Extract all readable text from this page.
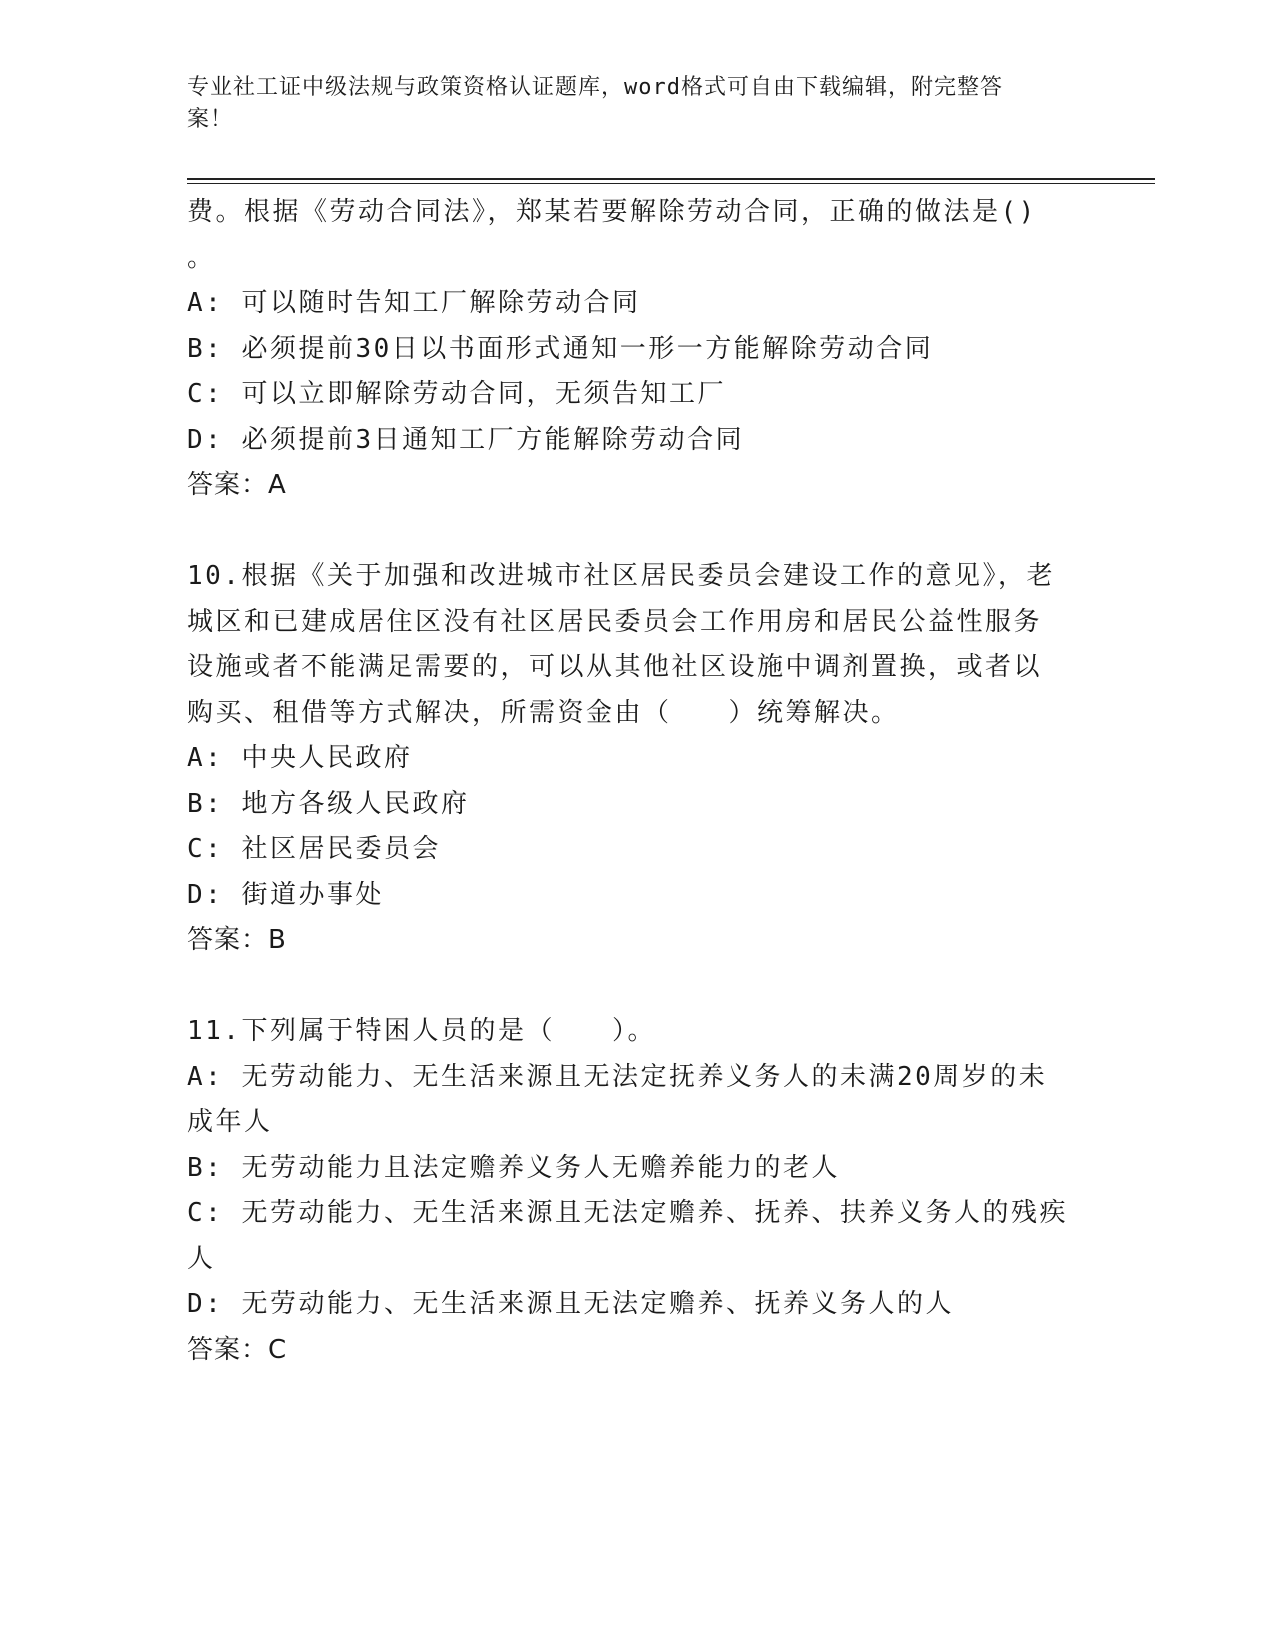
专业社工证中级法规与政策资格认证题库，word格式可自由下载编辑，附完整答

案！

费。根据《劳动合同法》，郑某若要解除劳动合同，正确的做法是()

。

A: 可以随时告知工厂解除劳动合同

B: 必须提前30日以书面形式通知一形一方能解除劳动合同

C: 可以立即解除劳动合同，无须告知工厂

D: 必须提前3日通知工厂方能解除劳动合同

答案：A

10.根据《关于加强和改进城市社区居民委员会建设工作的意见》，老

城区和已建成居住区没有社区居民委员会工作用房和居民公益性服务

设施或者不能满足需要的，可以从其他社区设施中调剂置换，或者以

购买、租借等方式解决，所需资金由（　　）统筹解决。

A: 中央人民政府

B: 地方各级人民政府

C: 社区居民委员会

D: 街道办事处

答案：B

11.下列属于特困人员的是（　　）。

A: 无劳动能力、无生活来源且无法定抚养义务人的未满20周岁的未

成年人

B: 无劳动能力且法定赡养义务人无赡养能力的老人

C: 无劳动能力、无生活来源且无法定赡养、抚养、扶养义务人的残疾

人

D: 无劳动能力、无生活来源且无法定赡养、抚养义务人的人

答案：C
